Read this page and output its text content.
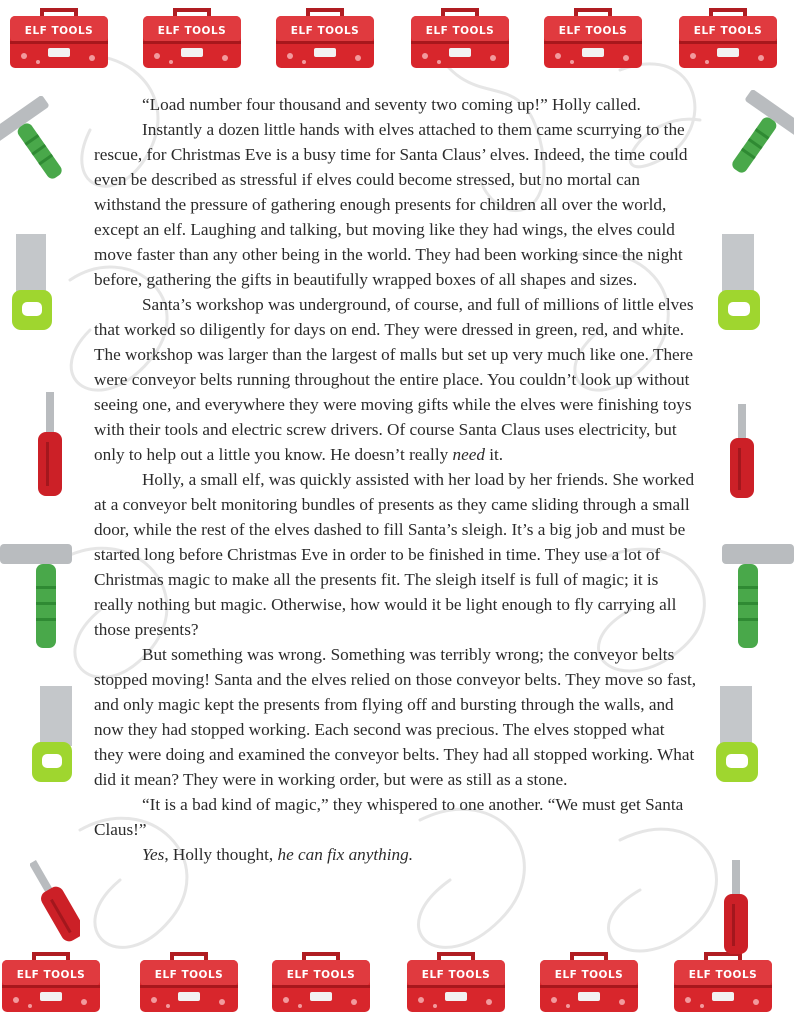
ELF TOOLS	ELF TOOLS	ELF TOOLS	ELF TOOLS	ELF TOOLS	ELF TOOLS
ELF TOOLS	ELF TOOLS	ELF TOOLS	ELF TOOLS	ELF TOOLS	ELF TOOLS

“Load number four thousand and seventy two coming up!” Holly called.

Instantly a dozen little hands with elves attached to them came scurrying to the rescue, for Christmas Eve is a busy time for Santa Claus’ elves. Indeed, the time could even be described as stressful if elves could become stressed, but no mortal can withstand the pressure of gathering enough presents for children all over the world, except an elf. Laughing and talking, but moving like they had wings, the elves could move faster than any other being in the world. They had been working since the night before, gathering the gifts in beautifully wrapped boxes of all shapes and sizes.

Santa’s workshop was underground, of course, and full of millions of little elves that worked so diligently for days on end. They were dressed in green, red, and white. The workshop was larger than the largest of malls but set up very much like one. There were conveyor belts running throughout the entire place. You couldn’t look up without seeing one, and everywhere they were moving gifts while the elves were finishing toys with their tools and electric screw drivers. Of course Santa Claus uses electricity, but only to help out a little you know. He doesn’t really need it.

Holly, a small elf, was quickly assisted with her load by her friends. She worked at a conveyor belt monitoring bundles of presents as they came sliding through a small door, while the rest of the elves dashed to fill Santa’s sleigh. It’s a big job and must be started long before Christmas Eve in order to be finished in time. They use a lot of Christmas magic to make all the presents fit. The sleigh itself is full of magic; it is really nothing but magic. Otherwise, how would it be light enough to fly carrying all those presents?

But something was wrong. Something was terribly wrong; the conveyor belts stopped moving! Santa and the elves relied on those conveyor belts. They move so fast, and only magic kept the presents from flying off and bursting through the walls, and now they had stopped working. Each second was precious. The elves stopped what they were doing and examined the conveyor belts. They had all stopped working. What did it mean? They were in working order, but were as still as a stone.

“It is a bad kind of magic,” they whispered to one another. “We must get Santa Claus!”

Yes, Holly thought, he can fix anything.
